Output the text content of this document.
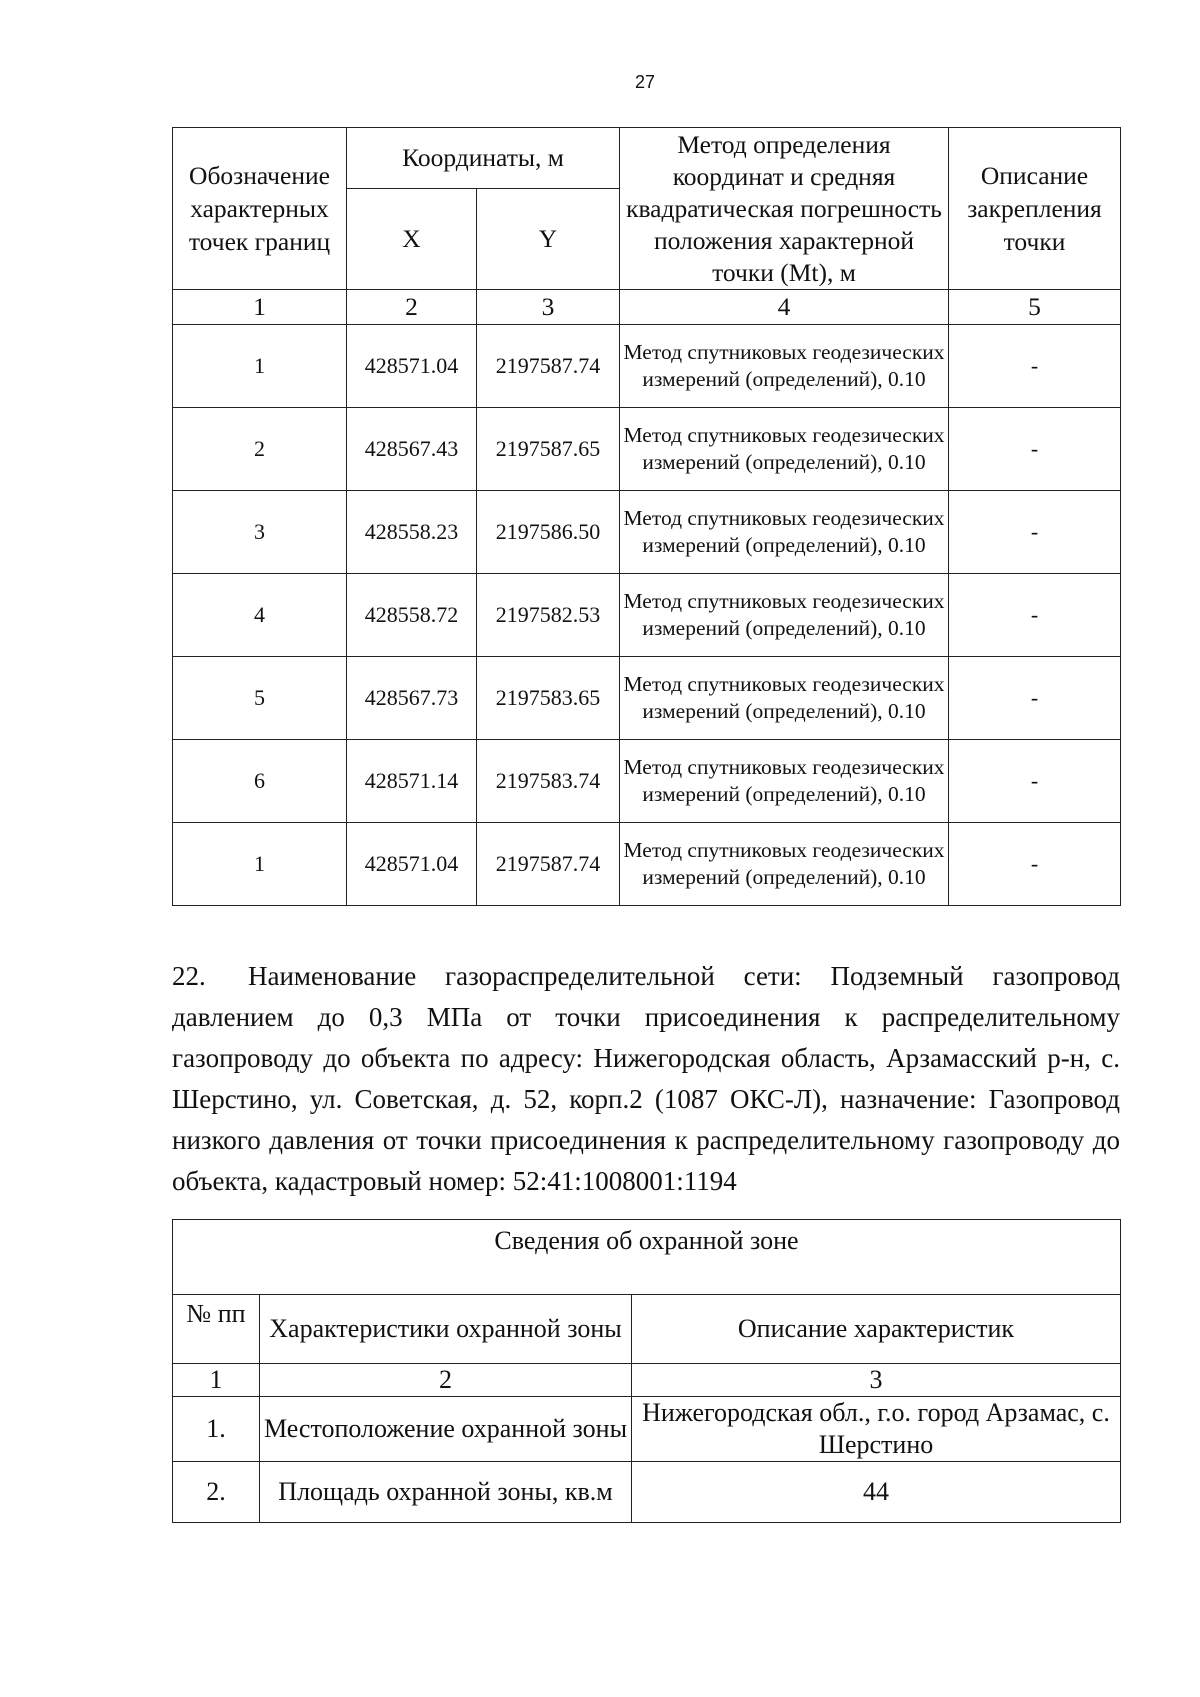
27
Обозначение характерных точек границ	Координаты, м		Метод определения координат и средняя квадратическая погрешность положения характерной точки (Mt), м	Описание закрепления точки
	X	Y		
1	2	3	4	5
1	428571.04	2197587.74	Метод спутниковых геодезических измерений (определений), 0.10	-
2	428567.43	2197587.65	Метод спутниковых геодезических измерений (определений), 0.10	-
3	428558.23	2197586.50	Метод спутниковых геодезических измерений (определений), 0.10	-
4	428558.72	2197582.53	Метод спутниковых геодезических измерений (определений), 0.10	-
5	428567.73	2197583.65	Метод спутниковых геодезических измерений (определений), 0.10	-
6	428571.14	2197583.74	Метод спутниковых геодезических измерений (определений), 0.10	-
1	428571.04	2197587.74	Метод спутниковых геодезических измерений (определений), 0.10	-

22. Наименование газораспределительной сети: Подземный газопровод давлением до 0,3 МПа от точки присоединения к распределительному газопроводу до объекта по адресу: Нижегородская область, Арзамасский р-н, с. Шерстино, ул. Советская, д. 52, корп.2 (1087 ОКС-Л), назначение: Газопровод низкого давления от точки присоединения к распределительному газопроводу до объекта, кадастровый номер: 52:41:1008001:1194

Сведения об охранной зоне		
№ пп	Характеристики охранной зоны	Описание характеристик
1	2	3
1.	Местоположение охранной зоны	Нижегородская обл., г.о. город Арзамас, с. Шерстино
2.	Площадь охранной зоны, кв.м	44
